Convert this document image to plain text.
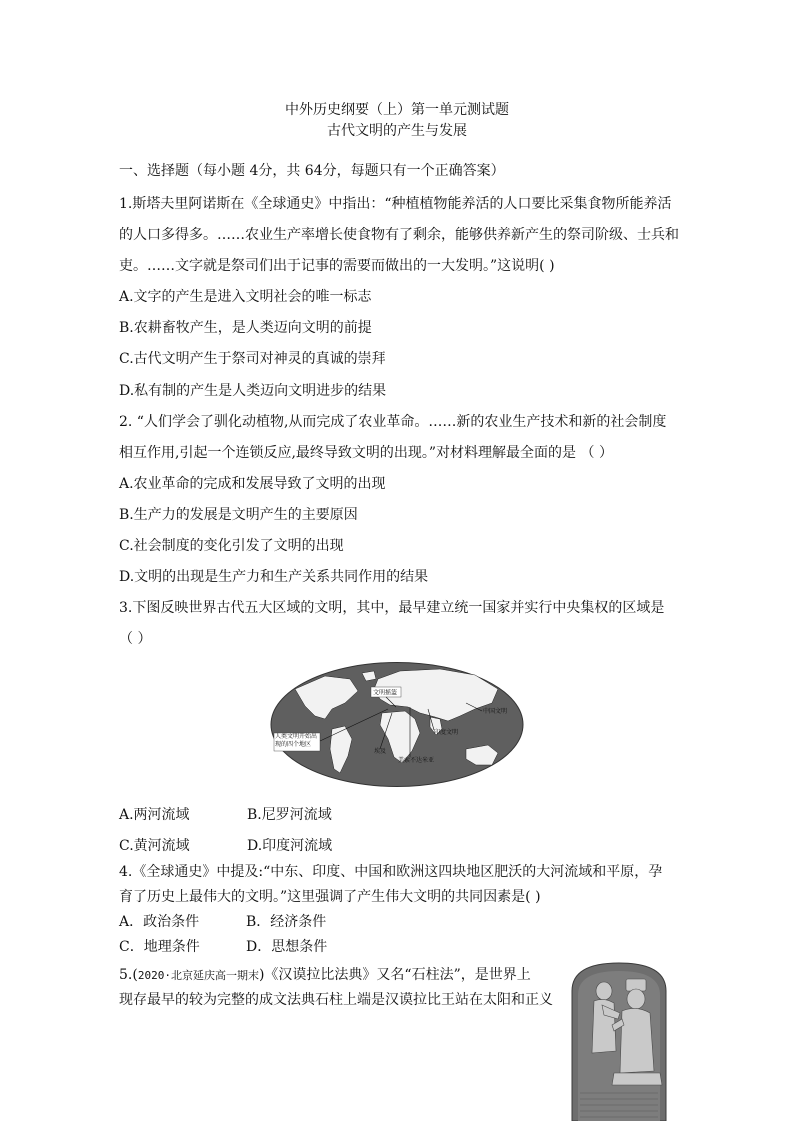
中外历史纲要（上）第一单元测试题
古代文明的产生与发展
一、选择题（每小题 4分，共 64分，每题只有一个正确答案）
1.斯塔夫里阿诺斯在《全球通史》中指出：“种植植物能养活的人口要比采集食物所能养活
的人口多得多。……农业生产率增长使食物有了剩余，能够供养新产生的祭司阶级、士兵和
吏。……文字就是祭司们出于记事的需要而做出的一大发明。”这说明( )
A.文字的产生是进入文明社会的唯一标志
B.农耕畜牧产生，是人类迈向文明的前提
C.古代文明产生于祭司对神灵的真诚的崇拜
D.私有制的产生是人类迈向文明进步的结果
2. “人们学会了驯化动植物,从而完成了农业革命。……新的农业生产技术和新的社会制度
相互作用,引起一个连锁反应,最终导致文明的出现。”对材料理解最全面的是 （ ）
A.农业革命的完成和发展导致了文明的出现
B.生产力的发展是文明产生的主要原因
C.社会制度的变化引发了文明的出现
D.文明的出现是生产力和生产关系共同作用的结果
3.下图反映世界古代五大区域的文明，其中，最早建立统一国家并实行中央集权的区域是
（ ）
文明摇篮
中国文明
人类文明开始出现的四个地区
印度文明
埃及
美索不达米亚
A.两河流域	B.尼罗河流域
C.黄河流域	D.印度河流域
4.《全球通史》中提及:“中东、印度、中国和欧洲这四块地区肥沃的大河流域和平原，孕
育了历史上最伟大的文明。”这里强调了产生伟大文明的共同因素是( )
A．政治条件	B．经济条件
C．地理条件	D．思想条件
5.(2020·北京延庆高一期末)《汉谟拉比法典》又名“石柱法”，是世界上
现存最早的较为完整的成文法典石柱上端是汉谟拉比王站在太阳和正义
